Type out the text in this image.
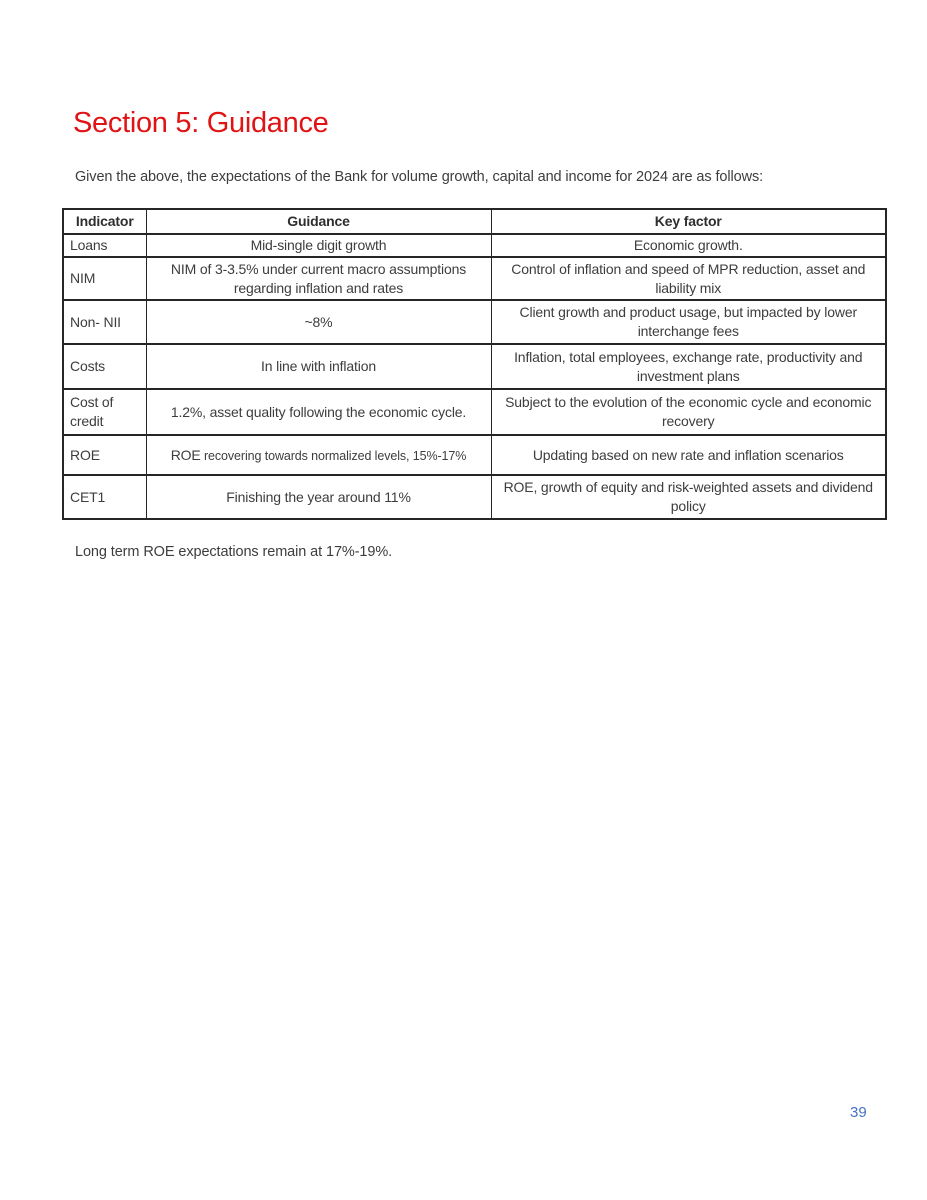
Section 5: Guidance

Given the above, the expectations of the Bank for volume growth, capital and income for 2024 are as follows:

Indicator	Guidance	Key factor
Loans	Mid-single digit growth	Economic growth.
NIM	NIM of 3-3.5% under current macro assumptions regarding inflation and rates	Control of inflation and speed of MPR reduction, asset and liability mix
Non- NII	~8%	Client growth and product usage, but impacted by lower interchange fees
Costs	In line with inflation	Inflation, total employees, exchange rate, productivity and investment plans
Cost of credit	1.2%, asset quality following the economic cycle.	Subject to the evolution of the economic cycle and economic recovery
ROE	ROE recovering towards normalized levels, 15%-17%	Updating based on new rate and inflation scenarios
CET1	Finishing the year around 11%	ROE, growth of equity and risk-weighted assets and dividend policy

Long term ROE expectations remain at 17%-19%.

39
